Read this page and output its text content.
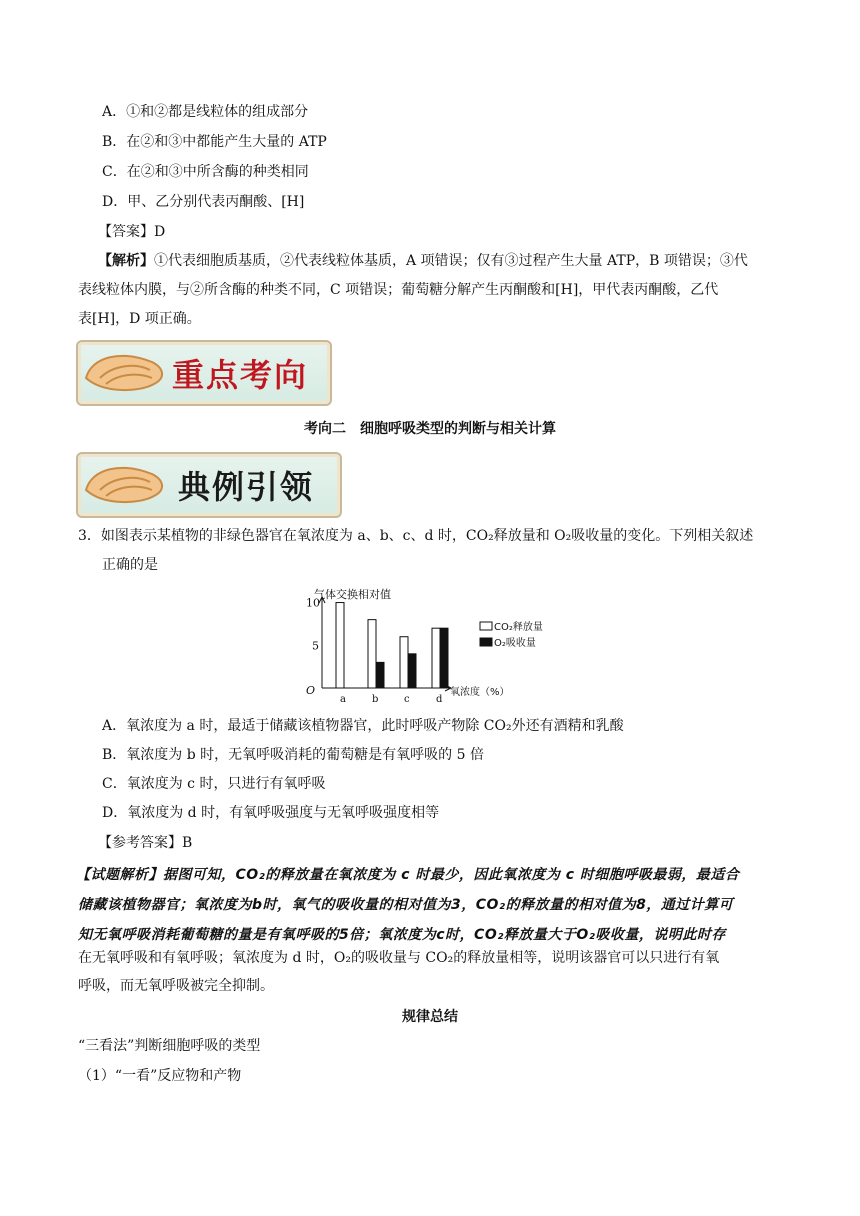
A．①和②都是线粒体的组成部分
B．在②和③中都能产生大量的 ATP
C．在②和③中所含酶的种类相同
D．甲、乙分别代表丙酮酸、[H]
【答案】D
【解析】①代表细胞质基质，②代表线粒体基质，A 项错误；仅有③过程产生大量 ATP，B 项错误；③代
表线粒体内膜，与②所含酶的种类不同，C 项错误；葡萄糖分解产生丙酮酸和[H]，甲代表丙酮酸，乙代
表[H]，D 项正确。
重点考向
考向二　细胞呼吸类型的判断与相关计算
典例引领
3．如图表示某植物的非绿色器官在氧浓度为 a、b、c、d 时，CO₂释放量和 O₂吸收量的变化。下列相关叙述
正确的是
气体交换相对值
氧浓度（%）
O
5
10
a	b	c	d
CO₂释放量
O₂吸收量
A．氧浓度为 a 时，最适于储藏该植物器官，此时呼吸产物除 CO₂外还有酒精和乳酸
B．氧浓度为 b 时，无氧呼吸消耗的葡萄糖是有氧呼吸的 5 倍
C．氧浓度为 c 时，只进行有氧呼吸
D．氧浓度为 d 时，有氧呼吸强度与无氧呼吸强度相等
【参考答案】B
【试题解析】据图可知，CO₂的释放量在氧浓度为 c 时最少，因此氧浓度为 c 时细胞呼吸最弱，最适合
储藏该植物器官；氧浓度为b时，氧气的吸收量的相对值为3，CO₂的释放量的相对值为8，通过计算可
知无氧呼吸消耗葡萄糖的量是有氧呼吸的5倍；氧浓度为c时，CO₂释放量大于O₂吸收量，说明此时存
在无氧呼吸和有氧呼吸；氧浓度为 d 时，O₂的吸收量与 CO₂的释放量相等，说明该器官可以只进行有氧
呼吸，而无氧呼吸被完全抑制。
规律总结
“三看法”判断细胞呼吸的类型
（1）“一看”反应物和产物
